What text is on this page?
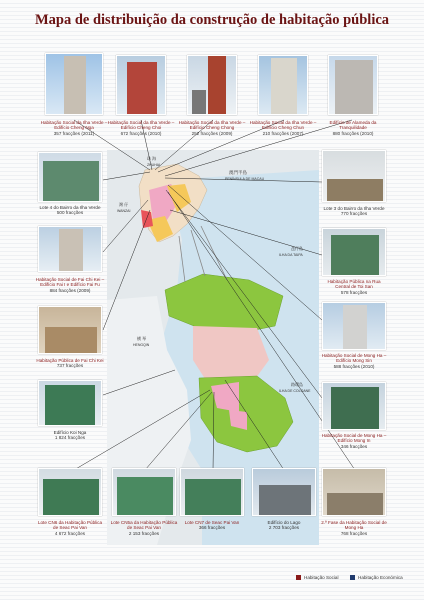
Mapa de distribuição da construção de habitação pública
澳門半島
PENÍNSULA DE MACAU
珠 海
ZHUHAI
灣 仔
WANZAI
氹仔島
ILHA DA TAIPA
橫 琴
HENGQIN
路環島
ILHA DE COLOANE
Habitação Social da Ilha Verde –
Edifício Cheng Nga
357 fracções (2011)
Habitação Social da Ilha Verde –
Edifício Cheng Choi
672 fracções (2010)
Habitação Social da Ilha Verde –
Edifício Cheng Chong
252 fracções (2009)
Habitação Social da Ilha Verde –
Edifício Cheng Chun
210 fracções (2007)
Edifício de Alameda da
Tranquilidade
880 fracções (2010)
Lote 4 do Bairro da Ilha Verde
500 fracções
Habitação Social de Fai Chi Kei –
Edifício Fai I e Edifício Fai Fu
884 fracções (2009)
Habitação Pública de Fai Chi Kei
737 fracções
Edifício Koi Nga
1 824 fracções
Lote 3 do Bairro da Ilha Verde
770 fracções
Habitação Pública na Rua
Central de Toi San
578 fracções
Habitação Social de Mong Ha –
Edifício Mong Sin
588 fracções (2010)
Habitação Social de Mong Ha –
Edifício Mong In
346 fracções
Lote CN6 da Habitação Pública
de Seac Pai Van
4 672 fracções
Lote CN5a da Habitação Pública
de Seac Pai Van
2 153 fracções
Lote CN7 de Seac Pai Van
366 fracções
Edifício do Lago
2 703 fracções
2.ª Fase da Habitação Social de
Mong Ha
768 fracções
Habitação Social	Habitação Económica
